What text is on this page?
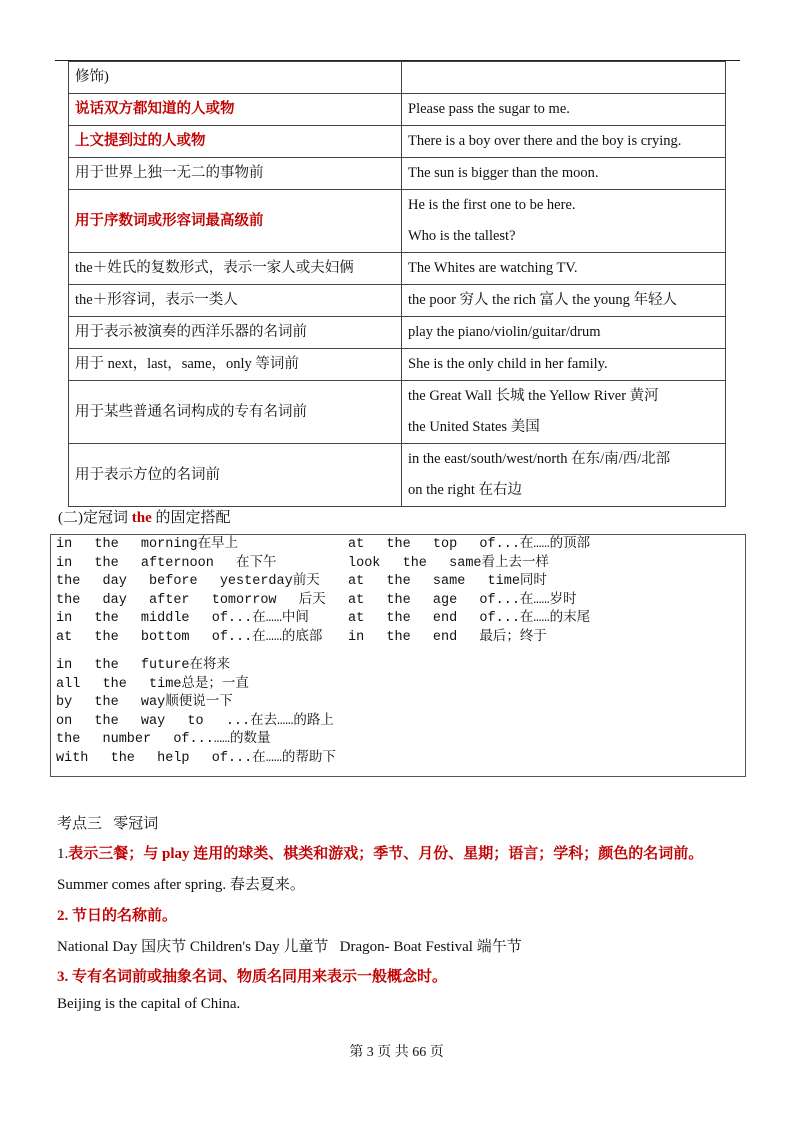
修饰)	

说话双方都知道的人或物	Please pass the sugar to me.

上文提到过的人或物	There is a boy over there and the boy is crying.

用于世界上独一无二的事物前	The sun is bigger than the moon.

用于序数词或形容词最高级前	He is the first one to be here.
Who is the tallest?

the＋姓氏的复数形式，表示一家人或夫妇俩	The Whites are watching TV.

the＋形容词，表示一类人	the poor 穷人 the rich 富人 the young 年轻人

用于表示被演奏的西洋乐器的名词前	play the piano/violin/guitar/drum

用于 next，last，same，only 等词前	She is the only child in her family.

用于某些普通名词构成的专有名词前	the Great Wall 长城 the Yellow River 黄河
the United States 美国

用于表示方位的名词前	in the east/south/west/north 在东/南/西/北部
on the right 在右边
(二)定冠词 the 的固定搭配
in  the  morning在早上	at  the  top  of...在……的顶部
in  the  afternoon  在下午	look  the  same看上去一样
the  day  before  yesterday前天 at  the  same  time同时
the  day  after  tomorrow  后天 at  the  age  of...在……岁时
in  the  middle  of...在……中间	at  the  end  of...在……的末尾
at  the  bottom  of...在……的底部 in  the  end  最后；终于
in  the  future在将来
all  the  time总是；一直
by  the  way顺便说一下
on  the  way  to  ...在去……的路上
the  number  of...……的数量
with  the  help  of...在……的帮助下
考点三   零冠词
1.表示三餐；与 play 连用的球类、棋类和游戏；季节、月份、星期；语言；学科；颜色的名词前。
Summer comes after spring. 春去夏来。
2. 节日的名称前。
National Day 国庆节 Children's Day 儿童节   Dragon- Boat Festival 端午节
3. 专有名词前或抽象名词、物质名同用来表示一般概念时。
Beijing is the capital of China.
第 3 页 共 66 页
